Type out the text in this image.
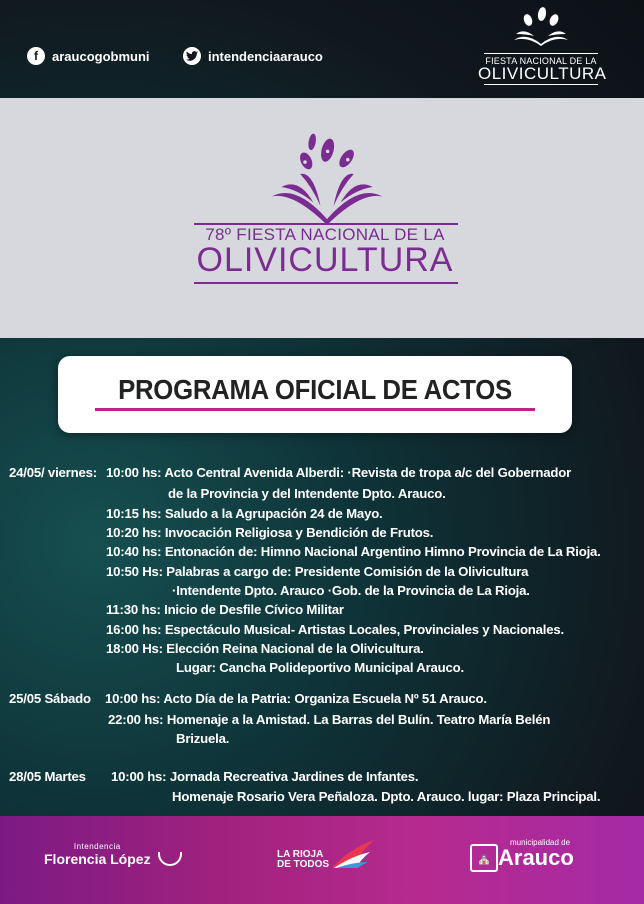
f	araucogobmuni	intendenciaarauco	FIESTA NACIONAL DE LA
OLIVICULTURA
78º FIESTA NACIONAL DE LA
OLIVICULTURA
PROGRAMA OFICIAL DE ACTOS
24/05/ viernes: 10:00 hs: Acto Central Avenida Alberdi: ·Revista de tropa a/c del Gobernador
de la Provincia y del Intendente Dpto. Arauco.
10:15 hs: Saludo a la Agrupación 24 de Mayo.
10:20 hs: Invocación Religiosa y Bendición de Frutos.
10:40 hs: Entonación de: Himno Nacional Argentino Himno Provincia de La Rioja.
10:50 Hs: Palabras a cargo de: Presidente Comisión de la Olivicultura
·Intendente Dpto. Arauco ·Gob. de la Provincia de La Rioja.
11:30 hs: Inicio de Desfile Cívico Militar
16:00 hs: Espectáculo Musical- Artistas Locales, Provinciales y Nacionales.
18:00 Hs: Elección Reina Nacional de la Olivicultura.
Lugar: Cancha Polideportivo Municipal Arauco.
25/05 Sábado 10:00 hs: Acto Día de la Patria: Organiza Escuela Nº 51 Arauco.
22:00 hs: Homenaje a la Amistad. La Barras del Bulín. Teatro María Belén
Brizuela.
28/05 Martes 10:00 hs: Jornada Recreativa Jardines de Infantes.
Homenaje Rosario Vera Peñaloza. Dpto. Arauco. lugar: Plaza Principal.
Intendencia
Florencia López	LA RIOJA
DE TODOS	⛪
municipalidad de
Arauco
